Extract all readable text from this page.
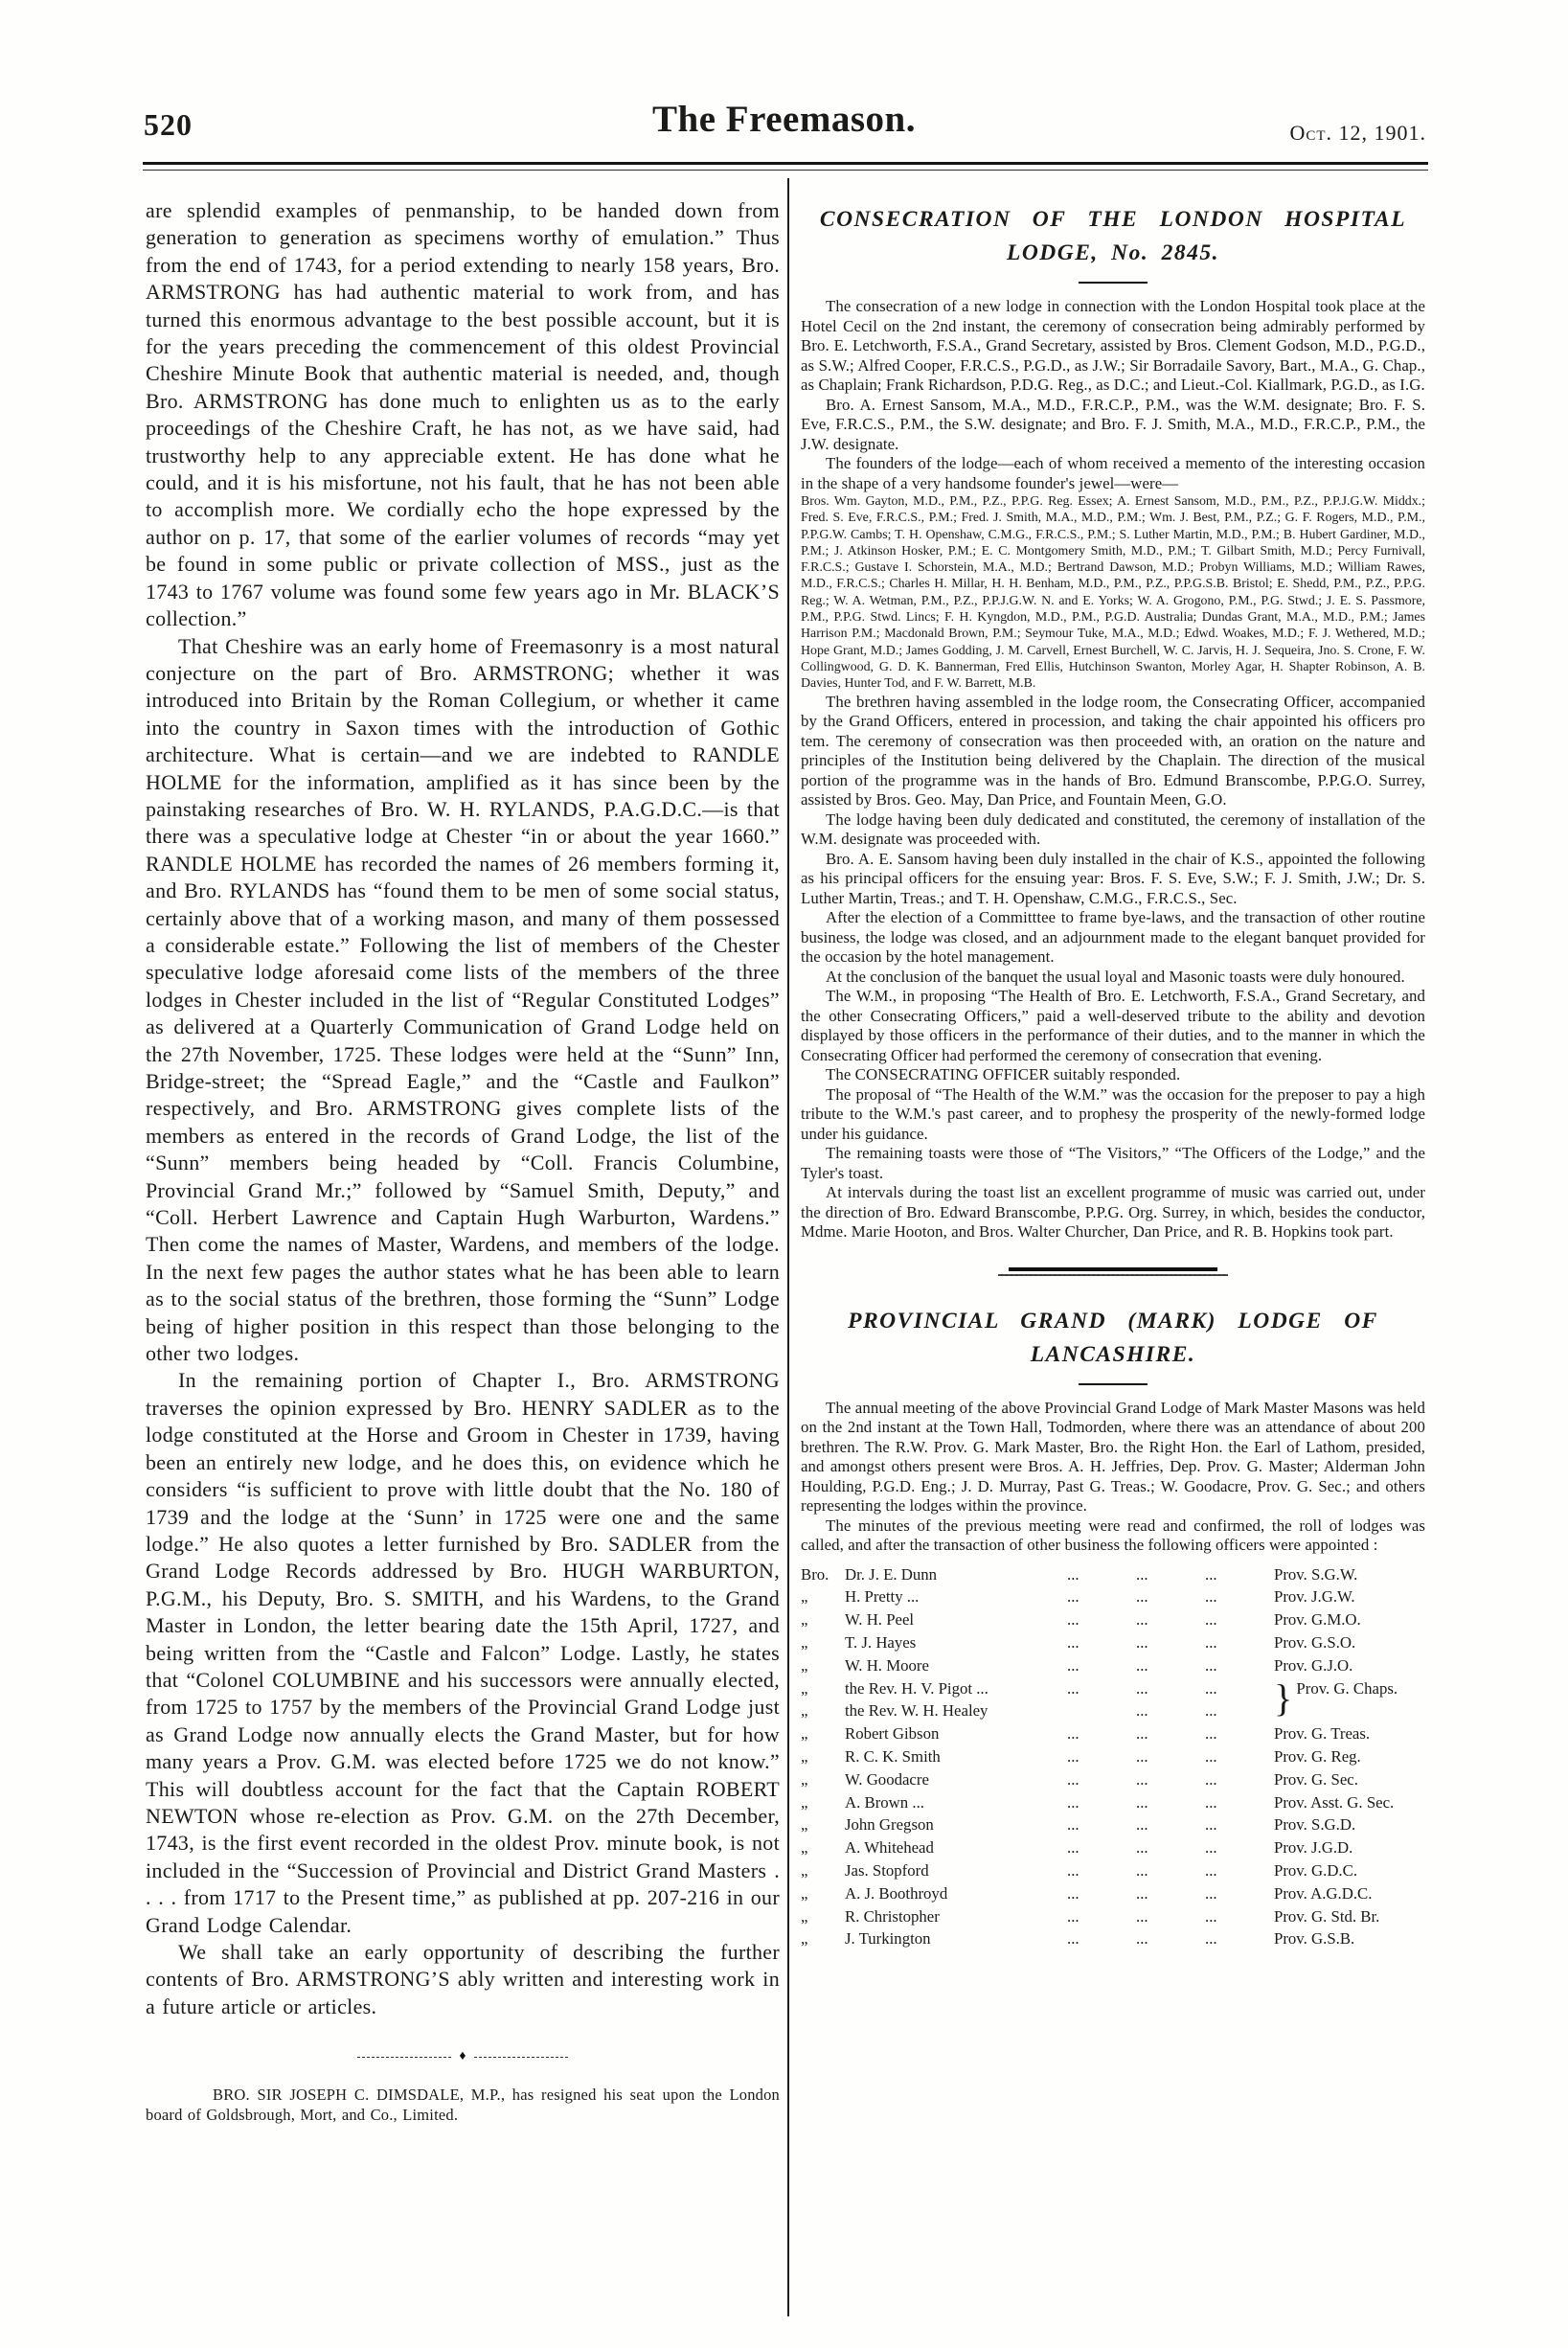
520	The Freemason.	Oct. 12, 1901.

are splendid examples of penmanship, to be handed down from generation to generation as specimens worthy of emulation.” Thus from the end of 1743, for a period extending to nearly 158 years, Bro. ARMSTRONG has had authentic material to work from, and has turned this enormous advantage to the best possible account, but it is for the years preceding the commencement of this oldest Provincial Cheshire Minute Book that authentic material is needed, and, though Bro. ARMSTRONG has done much to enlighten us as to the early proceedings of the Cheshire Craft, he has not, as we have said, had trustworthy help to any appreciable extent. He has done what he could, and it is his misfortune, not his fault, that he has not been able to accomplish more. We cordially echo the hope expressed by the author on p. 17, that some of the earlier volumes of records “may yet be found in some public or private collection of MSS., just as the 1743 to 1767 volume was found some few years ago in Mr. BLACK’S collection.”

That Cheshire was an early home of Freemasonry is a most natural conjecture on the part of Bro. ARMSTRONG; whether it was introduced into Britain by the Roman Collegium, or whether it came into the country in Saxon times with the introduction of Gothic architecture. What is certain—and we are indebted to RANDLE HOLME for the information, amplified as it has since been by the painstaking researches of Bro. W. H. RYLANDS, P.A.G.D.C.—is that there was a speculative lodge at Chester “in or about the year 1660.” RANDLE HOLME has recorded the names of 26 members forming it, and Bro. RYLANDS has “found them to be men of some social status, certainly above that of a working mason, and many of them possessed a considerable estate.” Following the list of members of the Chester speculative lodge aforesaid come lists of the members of the three lodges in Chester included in the list of “Regular Constituted Lodges” as delivered at a Quarterly Communication of Grand Lodge held on the 27th November, 1725. These lodges were held at the “Sunn” Inn, Bridge-street; the “Spread Eagle,” and the “Castle and Faulkon” respectively, and Bro. ARMSTRONG gives complete lists of the members as entered in the records of Grand Lodge, the list of the “Sunn” members being headed by “Coll. Francis Columbine, Provincial Grand Mr.;” followed by “Samuel Smith, Deputy,” and “Coll. Herbert Lawrence and Captain Hugh Warburton, Wardens.” Then come the names of Master, Wardens, and members of the lodge. In the next few pages the author states what he has been able to learn as to the social status of the brethren, those forming the “Sunn” Lodge being of higher position in this respect than those belonging to the other two lodges.

In the remaining portion of Chapter I., Bro. ARMSTRONG traverses the opinion expressed by Bro. HENRY SADLER as to the lodge constituted at the Horse and Groom in Chester in 1739, having been an entirely new lodge, and he does this, on evidence which he considers “is sufficient to prove with little doubt that the No. 180 of 1739 and the lodge at the ‘Sunn’ in 1725 were one and the same lodge.” He also quotes a letter furnished by Bro. SADLER from the Grand Lodge Records addressed by Bro. HUGH WARBURTON, P.G.M., his Deputy, Bro. S. SMITH, and his Wardens, to the Grand Master in London, the letter bearing date the 15th April, 1727, and being written from the “Castle and Falcon” Lodge. Lastly, he states that “Colonel COLUMBINE and his successors were annually elected, from 1725 to 1757 by the members of the Provincial Grand Lodge just as Grand Lodge now annually elects the Grand Master, but for how many years a Prov. G.M. was elected before 1725 we do not know.” This will doubtless account for the fact that the Captain ROBERT NEWTON whose re-election as Prov. G.M. on the 27th December, 1743, is the first event recorded in the oldest Prov. minute book, is not included in the “Succession of Provincial and District Grand Masters . . . . from 1717 to the Present time,” as published at pp. 207-216 in our Grand Lodge Calendar.

We shall take an early opportunity of describing the further contents of Bro. ARMSTRONG’S ably written and interesting work in a future article or articles.

♦

BRO. SIR JOSEPH C. DIMSDALE, M.P., has resigned his seat upon the London board of Goldsbrough, Mort, and Co., Limited.

CONSECRATION OF THE LONDON HOSPITAL
LODGE, No. 2845.

The consecration of a new lodge in connection with the London Hospital took place at the Hotel Cecil on the 2nd instant, the ceremony of consecration being admirably performed by Bro. E. Letchworth, F.S.A., Grand Secretary, assisted by Bros. Clement Godson, M.D., P.G.D., as S.W.; Alfred Cooper, F.R.C.S., P.G.D., as J.W.; Sir Borradaile Savory, Bart., M.A., G. Chap., as Chaplain; Frank Richardson, P.D.G. Reg., as D.C.; and Lieut.-Col. Kiallmark, P.G.D., as I.G.

Bro. A. Ernest Sansom, M.A., M.D., F.R.C.P., P.M., was the W.M. designate; Bro. F. S. Eve, F.R.C.S., P.M., the S.W. designate; and Bro. F. J. Smith, M.A., M.D., F.R.C.P., P.M., the J.W. designate.

The founders of the lodge—each of whom received a memento of the interesting occasion in the shape of a very handsome founder's jewel—were—

Bros. Wm. Gayton, M.D., P.M., P.Z., P.P.G. Reg. Essex; A. Ernest Sansom, M.D., P.M., P.Z., P.P.J.G.W. Middx.; Fred. S. Eve, F.R.C.S., P.M.; Fred. J. Smith, M.A., M.D., P.M.; Wm. J. Best, P.M., P.Z.; G. F. Rogers, M.D., P.M., P.P.G.W. Cambs; T. H. Openshaw, C.M.G., F.R.C.S., P.M.; S. Luther Martin, M.D., P.M.; B. Hubert Gardiner, M.D., P.M.; J. Atkinson Hosker, P.M.; E. C. Montgomery Smith, M.D., P.M.; T. Gilbart Smith, M.D.; Percy Furnivall, F.R.C.S.; Gustave I. Schorstein, M.A., M.D.; Bertrand Dawson, M.D.; Probyn Williams, M.D.; William Rawes, M.D., F.R.C.S.; Charles H. Millar, H. H. Benham, M.D., P.M., P.Z., P.P.G.S.B. Bristol; E. Shedd, P.M., P.Z., P.P.G. Reg.; W. A. Wetman, P.M., P.Z., P.P.J.G.W. N. and E. Yorks; W. A. Grogono, P.M., P.G. Stwd.; J. E. S. Passmore, P.M., P.P.G. Stwd. Lincs; F. H. Kyngdon, M.D., P.M., P.G.D. Australia; Dundas Grant, M.A., M.D., P.M.; James Harrison P.M.; Macdonald Brown, P.M.; Seymour Tuke, M.A., M.D.; Edwd. Woakes, M.D.; F. J. Wethered, M.D.; Hope Grant, M.D.; James Godding, J. M. Carvell, Ernest Burchell, W. C. Jarvis, H. J. Sequeira, Jno. S. Crone, F. W. Collingwood, G. D. K. Bannerman, Fred Ellis, Hutchinson Swanton, Morley Agar, H. Shapter Robinson, A. B. Davies, Hunter Tod, and F. W. Barrett, M.B.

The brethren having assembled in the lodge room, the Consecrating Officer, accompanied by the Grand Officers, entered in procession, and taking the chair appointed his officers pro tem. The ceremony of consecration was then proceeded with, an oration on the nature and principles of the Institution being delivered by the Chaplain. The direction of the musical portion of the programme was in the hands of Bro. Edmund Branscombe, P.P.G.O. Surrey, assisted by Bros. Geo. May, Dan Price, and Fountain Meen, G.O.

The lodge having been duly dedicated and constituted, the ceremony of installation of the W.M. designate was proceeded with.

Bro. A. E. Sansom having been duly installed in the chair of K.S., appointed the following as his principal officers for the ensuing year: Bros. F. S. Eve, S.W.; F. J. Smith, J.W.; Dr. S. Luther Martin, Treas.; and T. H. Openshaw, C.M.G., F.R.C.S., Sec.

After the election of a Committtee to frame bye-laws, and the transaction of other routine business, the lodge was closed, and an adjournment made to the elegant banquet provided for the occasion by the hotel management.

At the conclusion of the banquet the usual loyal and Masonic toasts were duly honoured.

The W.M., in proposing “The Health of Bro. E. Letchworth, F.S.A., Grand Secretary, and the other Consecrating Officers,” paid a well-deserved tribute to the ability and devotion displayed by those officers in the performance of their duties, and to the manner in which the Consecrating Officer had performed the ceremony of consecration that evening.

The CONSECRATING OFFICER suitably responded.

The proposal of “The Health of the W.M.” was the occasion for the preposer to pay a high tribute to the W.M.'s past career, and to prophesy the prosperity of the newly-formed lodge under his guidance.

The remaining toasts were those of “The Visitors,” “The Officers of the Lodge,” and the Tyler's toast.

At intervals during the toast list an excellent programme of music was carried out, under the direction of Bro. Edward Branscombe, P.P.G. Org. Surrey, in which, besides the conductor, Mdme. Marie Hooton, and Bros. Walter Churcher, Dan Price, and R. B. Hopkins took part.

PROVINCIAL GRAND (MARK) LODGE OF
LANCASHIRE.

The annual meeting of the above Provincial Grand Lodge of Mark Master Masons was held on the 2nd instant at the Town Hall, Todmorden, where there was an attendance of about 200 brethren. The R.W. Prov. G. Mark Master, Bro. the Right Hon. the Earl of Lathom, presided, and amongst others present were Bros. A. H. Jeffries, Dep. Prov. G. Master; Alderman John Houlding, P.G.D. Eng.; J. D. Murray, Past G. Treas.; W. Goodacre, Prov. G. Sec.; and others representing the lodges within the province.

The minutes of the previous meeting were read and confirmed, the roll of lodges was called, and after the transaction of other business the following officers were appointed :

Bro.	Dr. J. E. Dunn	...	...	...	Prov. S.G.W.
„	H. Pretty ...	...	...	...	Prov. J.G.W.
„	W. H. Peel	...	...	...	Prov. G.M.O.
„	T. J. Hayes	...	...	...	Prov. G.S.O.
„	W. H. Moore	...	...	...	Prov. G.J.O.
„	the Rev. H. V. Pigot ...	...	...	...	} Prov. G. Chaps.
„	the Rev. W. H. Healey		...	...	
„	Robert Gibson	...	...	...	Prov. G. Treas.
„	R. C. K. Smith	...	...	...	Prov. G. Reg.
„	W. Goodacre	...	...	...	Prov. G. Sec.
„	A. Brown ...	...	...	...	Prov. Asst. G. Sec.
„	John Gregson	...	...	...	Prov. S.G.D.
„	A. Whitehead	...	...	...	Prov. J.G.D.
„	Jas. Stopford	...	...	...	Prov. G.D.C.
„	A. J. Boothroyd	...	...	...	Prov. A.G.D.C.
„	R. Christopher	...	...	...	Prov. G. Std. Br.
„	J. Turkington	...	...	...	Prov. G.S.B.
